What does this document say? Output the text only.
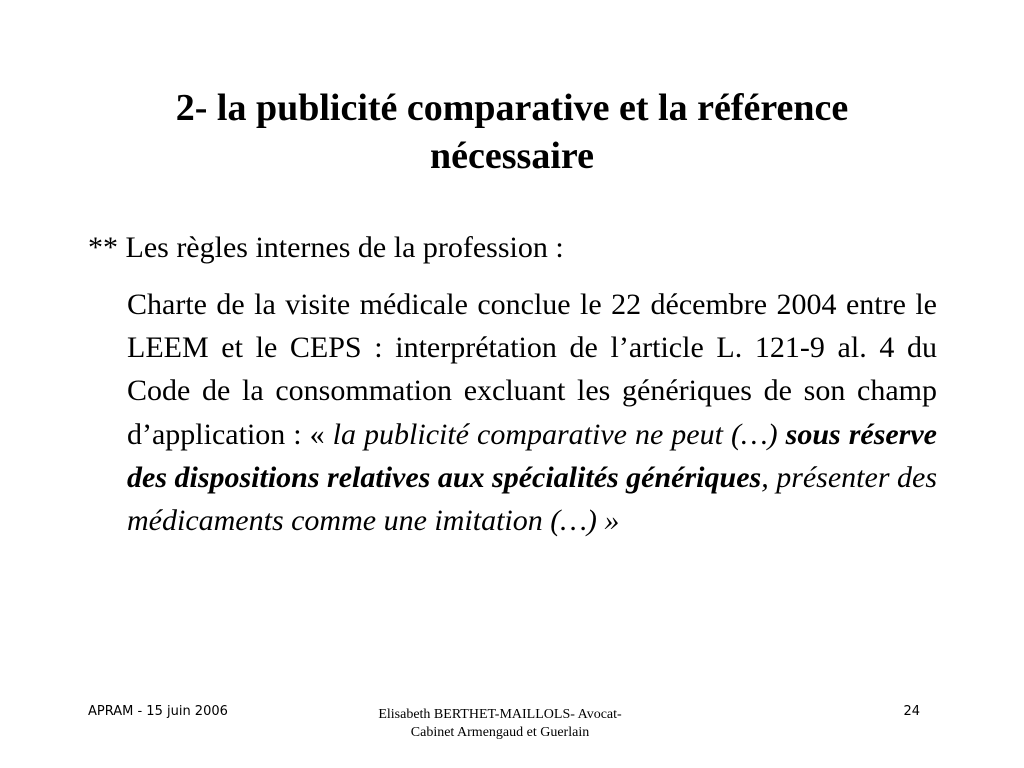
2- la publicité comparative et la référence
nécessaire
** Les règles internes de la profession :
Charte de la visite médicale conclue le 22 décembre 2004 entre le LEEM et le CEPS : interprétation de l’article L. 121-9 al. 4 du Code de la consommation excluant les génériques de son champ d’application : « la publicité comparative ne peut (…) sous réserve des dispositions relatives aux spécialités génériques, présenter des médicaments comme une imitation (…) »
APRAM - 15 juin 2006	Elisabeth BERTHET-MAILLOLS- Avocat-
Cabinet Armengaud et Guerlain
24
